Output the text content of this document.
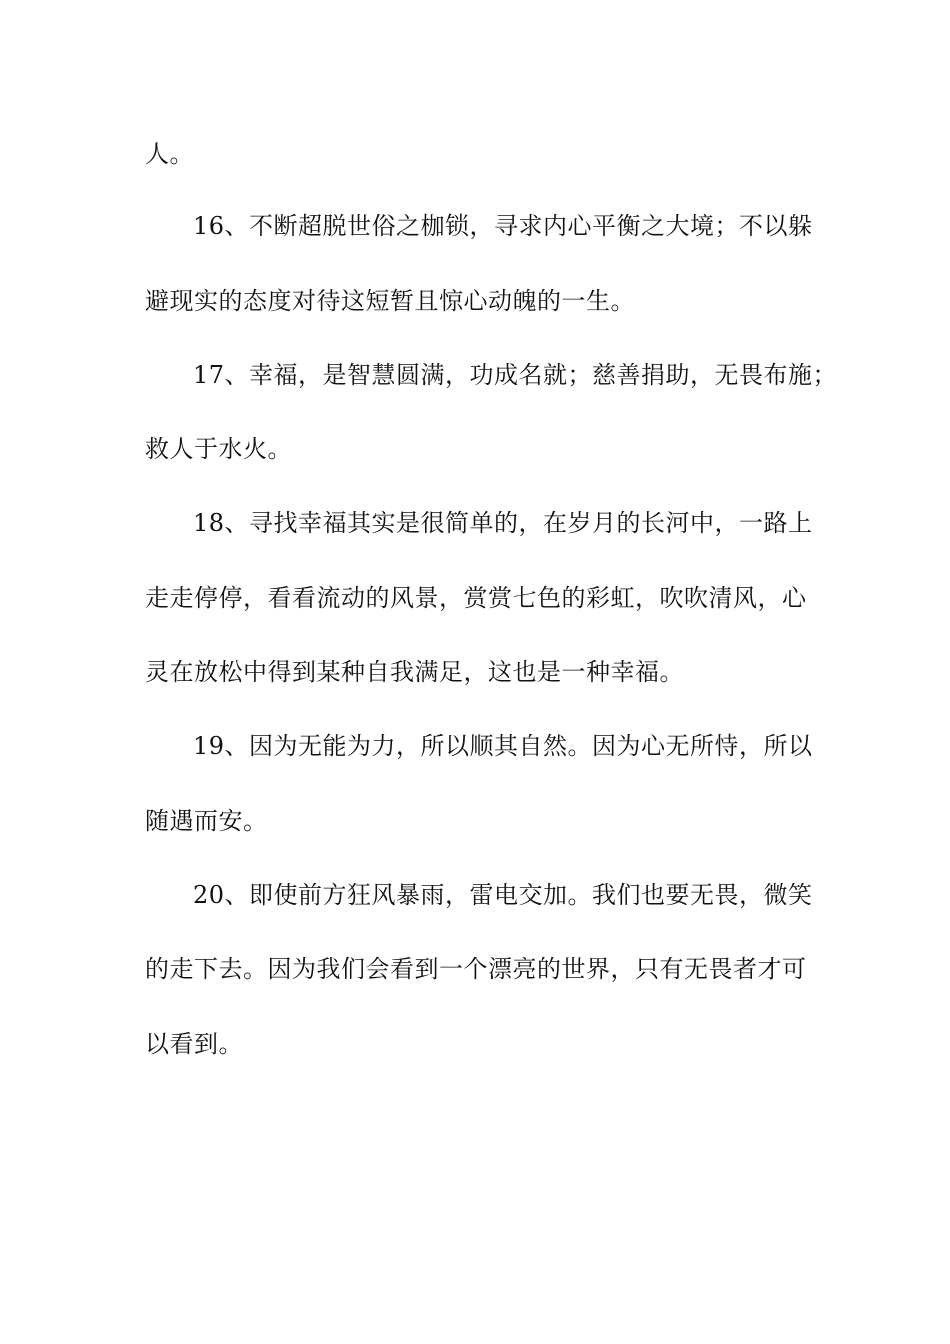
人。
16、不断超脱世俗之枷锁，寻求内心平衡之大境；不以躲
避现实的态度对待这短暂且惊心动魄的一生。
17、幸福，是智慧圆满，功成名就；慈善捐助，无畏布施；
救人于水火。
18、寻找幸福其实是很简单的，在岁月的长河中，一路上
走走停停，看看流动的风景，赏赏七色的彩虹，吹吹清风，心
灵在放松中得到某种自我满足，这也是一种幸福。
19、因为无能为力，所以顺其自然。因为心无所恃，所以
随遇而安。
20、即使前方狂风暴雨，雷电交加。我们也要无畏，微笑
的走下去。因为我们会看到一个漂亮的世界，只有无畏者才可
以看到。
